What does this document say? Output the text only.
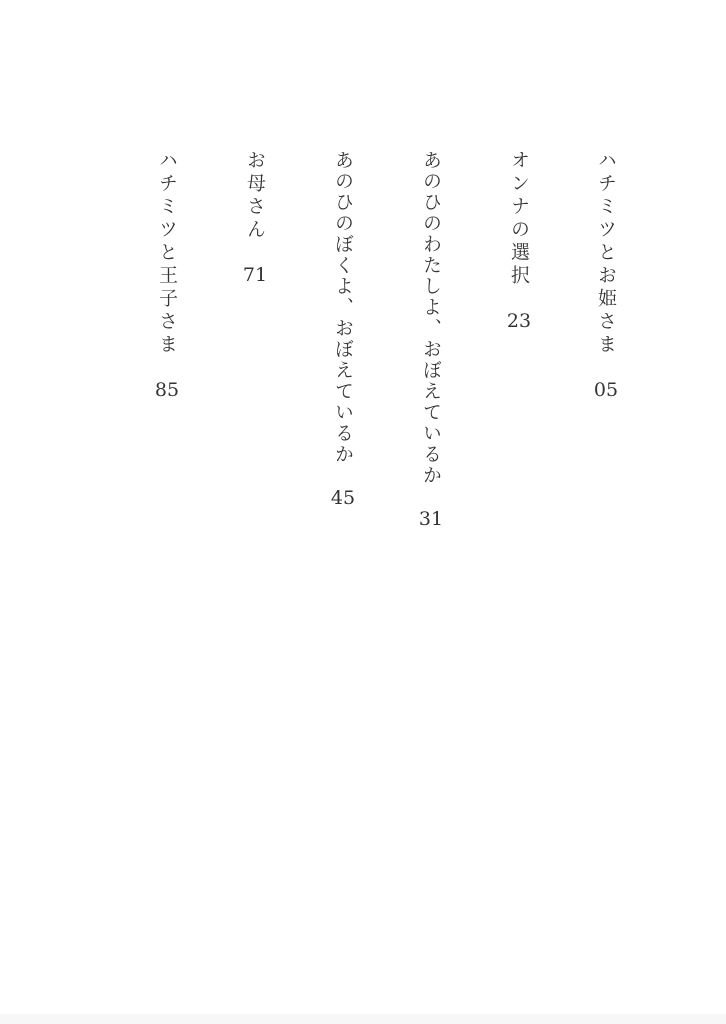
ハチミツとお姫さま
05
オンナの選択
23
あのひのわたしよ、おぼえているか
31
あのひのぼくよ、おぼえているか
45
お母さん
71
ハチミツと王子さま
85
